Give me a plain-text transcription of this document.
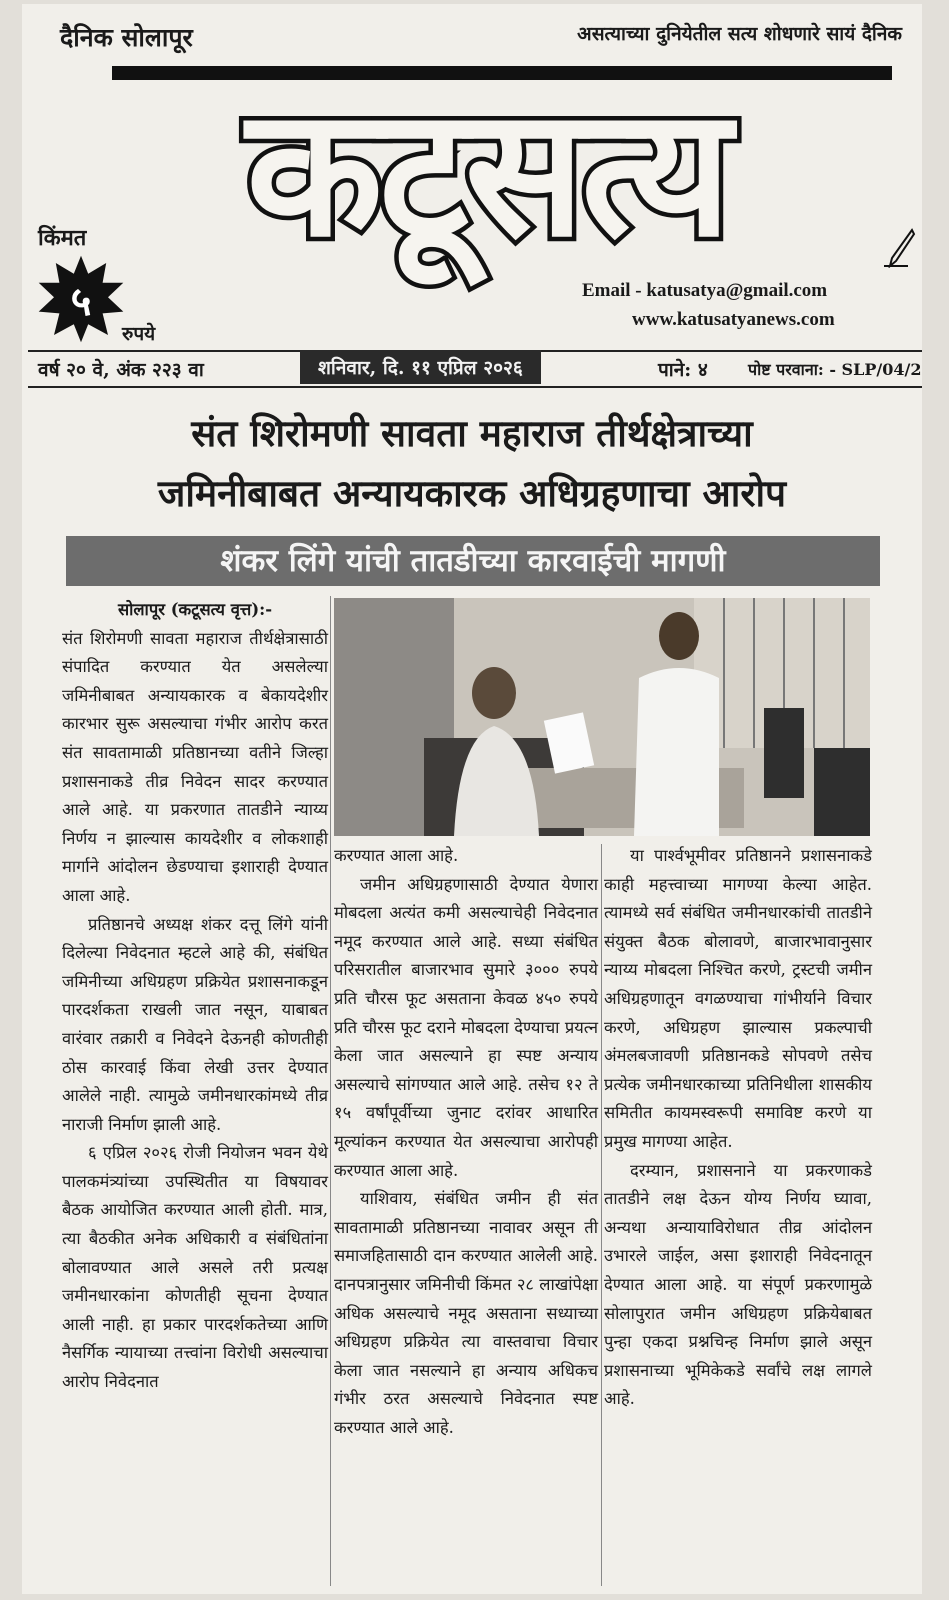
दैनिक सोलापूर	असत्याच्या दुनियेतील सत्य शोधणारे सायं दैनिक
कटूसत्य
किंमत
५
रुपये
Email - katusatya@gmail.com
www.katusatyanews.com
वर्ष २० वे, अंक २२३ वा	शनिवार, दि. ११ एप्रिल २०२६	पाने: ४	पोष्ट परवाना: - SLP/04/2
संत शिरोमणी सावता महाराज तीर्थक्षेत्राच्या
जमिनीबाबत अन्यायकारक अधिग्रहणाचा आरोप
शंकर लिंगे यांची तातडीच्या कारवाईची मागणी
सोलापूर (कटूसत्य वृत्त):-

संत शिरोमणी सावता महाराज तीर्थक्षेत्रासाठी संपादित करण्यात येत असलेल्या जमिनीबाबत अन्यायकारक व बेकायदेशीर कारभार सुरू असल्याचा गंभीर आरोप करत संत सावतामाळी प्रतिष्ठानच्या वतीने जिल्हा प्रशासनाकडे तीव्र निवेदन सादर करण्यात आले आहे. या प्रकरणात तातडीने न्याय्य निर्णय न झाल्यास कायदेशीर व लोकशाही मार्गाने आंदोलन छेडण्याचा इशाराही देण्यात आला आहे.

प्रतिष्ठानचे अध्यक्ष शंकर दत्तू लिंगे यांनी दिलेल्या निवेदनात म्हटले आहे की, संबंधित जमिनीच्या अधिग्रहण प्रक्रियेत प्रशासनाकडून पारदर्शकता राखली जात नसून, याबाबत वारंवार तक्रारी व निवेदने देऊनही कोणतीही ठोस कारवाई किंवा लेखी उत्तर देण्यात आलेले नाही. त्यामुळे जमीनधारकांमध्ये तीव्र नाराजी निर्माण झाली आहे.

६ एप्रिल २०२६ रोजी नियोजन भवन येथे पालकमंत्र्यांच्या उपस्थितीत या विषयावर बैठक आयोजित करण्यात आली होती. मात्र, त्या बैठकीत अनेक अधिकारी व संबंधितांना बोलावण्यात आले असले तरी प्रत्यक्ष जमीनधारकांना कोणतीही सूचना देण्यात आली नाही. हा प्रकार पारदर्शकतेच्या आणि नैसर्गिक न्यायाच्या तत्त्वांना विरोधी असल्याचा आरोप निवेदनात

करण्यात आला आहे.

जमीन अधिग्रहणासाठी देण्यात येणारा मोबदला अत्यंत कमी असल्याचेही निवेदनात नमूद करण्यात आले आहे. सध्या संबंधित परिसरातील बाजारभाव सुमारे ३००० रुपये प्रति चौरस फूट असताना केवळ ४५० रुपये प्रति चौरस फूट दराने मोबदला देण्याचा प्रयत्न केला जात असल्याने हा स्पष्ट अन्याय असल्याचे सांगण्यात आले आहे. तसेच १२ ते १५ वर्षांपूर्वीच्या जुनाट दरांवर आधारित मूल्यांकन करण्यात येत असल्याचा आरोपही करण्यात आला आहे.

याशिवाय, संबंधित जमीन ही संत सावतामाळी प्रतिष्ठानच्या नावावर असून ती समाजहितासाठी दान करण्यात आलेली आहे. दानपत्रानुसार जमिनीची किंमत २८ लाखांपेक्षा अधिक असल्याचे नमूद असताना सध्याच्या अधिग्रहण प्रक्रियेत त्या वास्तवाचा विचार केला जात नसल्याने हा अन्याय अधिकच गंभीर ठरत असल्याचे निवेदनात स्पष्ट करण्यात आले आहे.

या पार्श्वभूमीवर प्रतिष्ठानने प्रशासनाकडे काही महत्त्वाच्या मागण्या केल्या आहेत. त्यामध्ये सर्व संबंधित जमीनधारकांची तातडीने संयुक्त बैठक बोलावणे, बाजारभावानुसार न्याय्य मोबदला निश्चित करणे, ट्रस्टची जमीन अधिग्रहणातून वगळण्याचा गांभीर्याने विचार करणे, अधिग्रहण झाल्यास प्रकल्पाची अंमलबजावणी प्रतिष्ठानकडे सोपवणे तसेच प्रत्येक जमीनधारकाच्या प्रतिनिधीला शासकीय समितीत कायमस्वरूपी समाविष्ट करणे या प्रमुख मागण्या आहेत.

दरम्यान, प्रशासनाने या प्रकरणाकडे तातडीने लक्ष देऊन योग्य निर्णय घ्यावा, अन्यथा अन्यायाविरोधात तीव्र आंदोलन उभारले जाईल, असा इशाराही निवेदनातून देण्यात आला आहे. या संपूर्ण प्रकरणामुळे सोलापुरात जमीन अधिग्रहण प्रक्रियेबाबत पुन्हा एकदा प्रश्नचिन्ह निर्माण झाले असून प्रशासनाच्या भूमिकेकडे सर्वांचे लक्ष लागले आहे.
